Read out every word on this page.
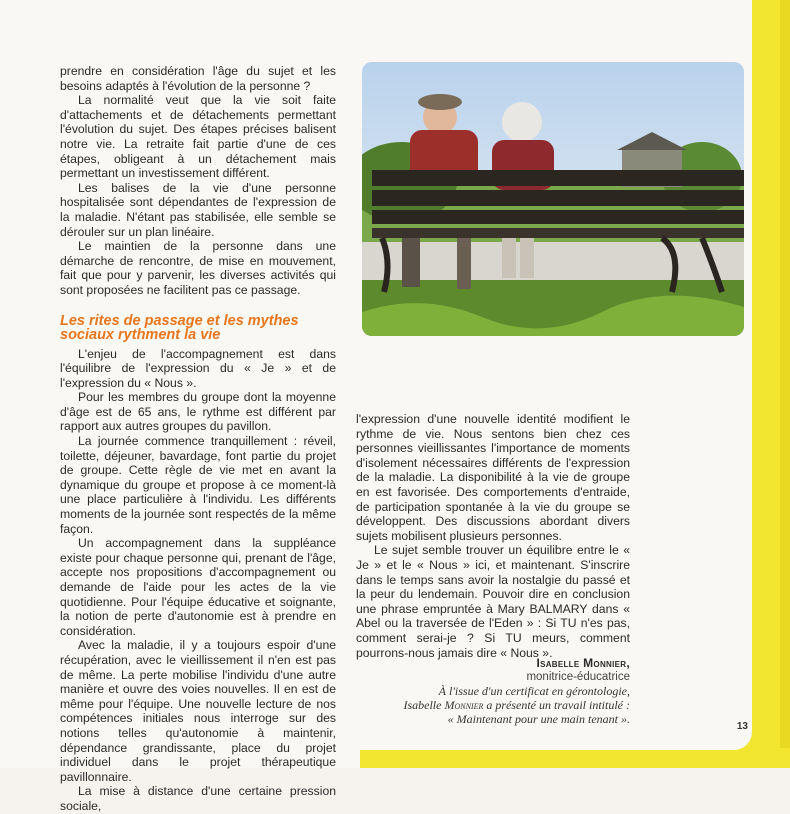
prendre en considération l'âge du sujet et les besoins adaptés à l'évolution de la personne ?

La normalité veut que la vie soit faite d'attachements et de détachements permettant l'évolution du sujet. Des étapes précises balisent notre vie. La retraite fait partie d'une de ces étapes, obligeant à un détachement mais permettant un investissement différent.

Les balises de la vie d'une personne hospitalisée sont dépendantes de l'expression de la maladie. N'étant pas stabilisée, elle semble se dérouler sur un plan linéaire.

Le maintien de la personne dans une démarche de rencontre, de mise en mouvement, fait que pour y parvenir, les diverses activités qui sont proposées ne facilitent pas ce passage.

Les rites de passage et les mythes sociaux rythment la vie

L'enjeu de l'accompagnement est dans l'équilibre de l'expression du « Je » et de l'expression du « Nous ».

Pour les membres du groupe dont la moyenne d'âge est de 65 ans, le rythme est différent par rapport aux autres groupes du pavillon.

La journée commence tranquillement : réveil, toilette, déjeuner, bavardage, font partie du projet de groupe. Cette règle de vie met en avant la dynamique du groupe et propose à ce moment-là une place particulière à l'individu. Les différents moments de la journée sont respectés de la même façon.

Un accompagnement dans la suppléance existe pour chaque personne qui, prenant de l'âge, accepte nos propositions d'accompagnement ou demande de l'aide pour les actes de la vie quotidienne. Pour l'équipe éducative et soignante, la notion de perte d'autonomie est à prendre en considération.

Avec la maladie, il y a toujours espoir d'une récupération, avec le vieillissement il n'en est pas de même. La perte mobilise l'individu d'une autre manière et ouvre des voies nouvelles. Il en est de même pour l'équipe. Une nouvelle lecture de nos compétences initiales nous interroge sur des notions telles qu'autonomie à maintenir, dépendance grandissante, place du projet individuel dans le projet thérapeutique pavillonnaire.

La mise à distance d'une certaine pression sociale,

l'expression d'une nouvelle identité modifient le rythme de vie. Nous sentons bien chez ces personnes vieillissantes l'importance de moments d'isolement nécessaires différents de l'expression de la maladie. La disponibilité à la vie de groupe en est favorisée. Des comportements d'entraide, de participation spontanée à la vie du groupe se développent. Des discussions abordant divers sujets mobilisent plusieurs personnes.

Le sujet semble trouver un équilibre entre le « Je » et le « Nous » ici, et maintenant. S'inscrire dans le temps sans avoir la nostalgie du passé et la peur du lendemain. Pouvoir dire en conclusion une phrase empruntée à Mary BALMARY dans « Abel ou la traversée de l'Eden » : Si TU n'es pas, comment serai-je ? Si TU meurs, comment pourrons-nous jamais dire « Nous ».

Isabelle Monnier,
monitrice-éducatrice
À l'issue d'un certificat en gérontologie,
Isabelle Monnier a présenté un travail intitulé :
« Maintenant pour une main tenant ».
13
